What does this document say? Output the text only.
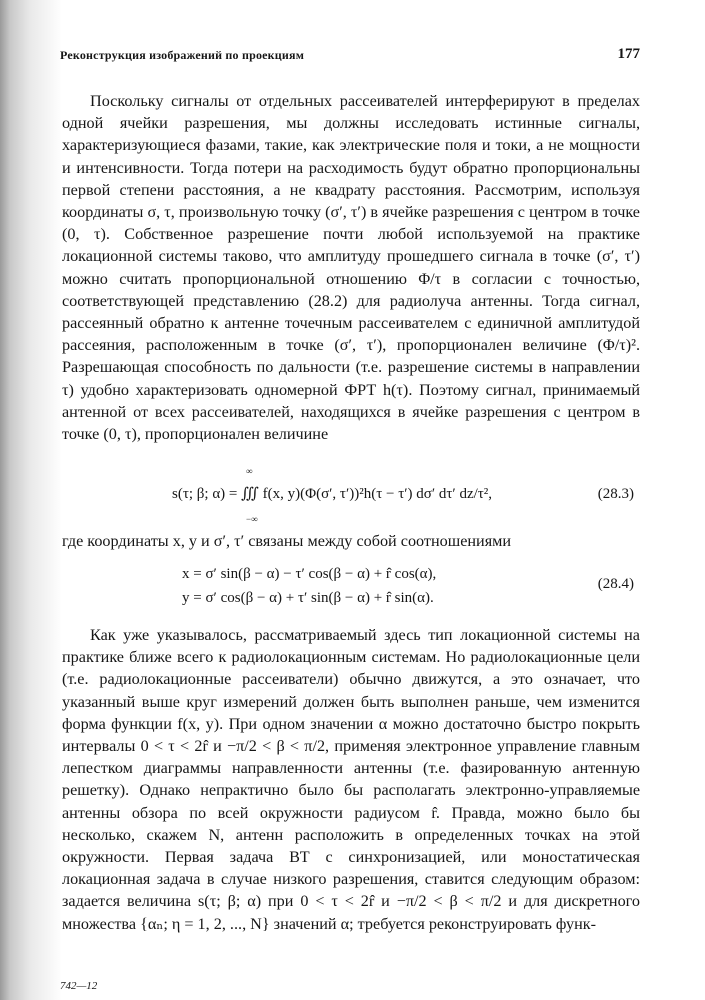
Реконструкция изображений по проекциям	177

Поскольку сигналы от отдельных рассеивателей интерферируют в пределах одной ячейки разрешения, мы должны исследовать истинные сигналы, характеризующиеся фазами, такие, как электрические поля и токи, а не мощности и интенсивности. Тогда потери на расходимость будут обратно пропорциональны первой степени расстояния, а не квадрату расстояния. Рассмотрим, используя координаты σ, τ, произвольную точку (σ′, τ′) в ячейке разрешения с центром в точке (0, τ). Собственное разрешение почти любой используемой на практике локационной системы таково, что амплитуду прошедшего сигнала в точке (σ′, τ′) можно считать пропорциональной отношению Φ/τ в согласии с точностью, соответствующей представлению (28.2) для радиолуча антенны. Тогда сигнал, рассеянный обратно к антенне точечным рассеивателем с единичной амплитудой рассеяния, расположенным в точке (σ′, τ′), пропорционален величине (Φ/τ)². Разрешающая способность по дальности (т.е. разрешение системы в направлении τ) удобно характеризовать одномерной ФРТ h(τ). Поэтому сигнал, принимаемый антенной от всех рассеивателей, находящихся в ячейке разрешения с центром в точке (0, τ), пропорционален величине

∞
s(τ; β; α) = ∭ f(x, y)(Φ(σ′, τ′))²h(τ − τ′) dσ′ dτ′ dz/τ²,
−∞
(28.3)
где координаты x, y и σ′, τ′ связаны между собой соотношениями
x = σ′ sin(β − α) − τ′ cos(β − α) + r̂ cos(α),
y = σ′ cos(β − α) + τ′ sin(β − α) + r̂ sin(α).
(28.4)

Как уже указывалось, рассматриваемый здесь тип локационной системы на практике ближе всего к радиолокационным системам. Но радиолокационные цели (т.е. радиолокационные рассеиватели) обычно движутся, а это означает, что указанный выше круг измерений должен быть выполнен раньше, чем изменится форма функции f(x, y). При одном значении α можно достаточно быстро покрыть интервалы 0 < τ < 2r̂ и −π/2 < β < π/2, применяя электронное управление главным лепестком диаграммы направленности антенны (т.е. фазированную антенную решетку). Однако непрактично было бы располагать электронно-управляемые антенны обзора по всей окружности радиусом r̂. Правда, можно было бы несколько, скажем N, антенн расположить в определенных точках на этой окружности. Первая задача ВТ с синхронизацией, или моностатическая локационная задача в случае низкого разрешения, ставится следующим образом: задается величина s(τ; β; α) при 0 < τ < 2r̂ и −π/2 < β < π/2 и для дискретного множества {αₙ; η = 1, 2, ..., N} значений α; требуется реконструировать функ-

742—12
